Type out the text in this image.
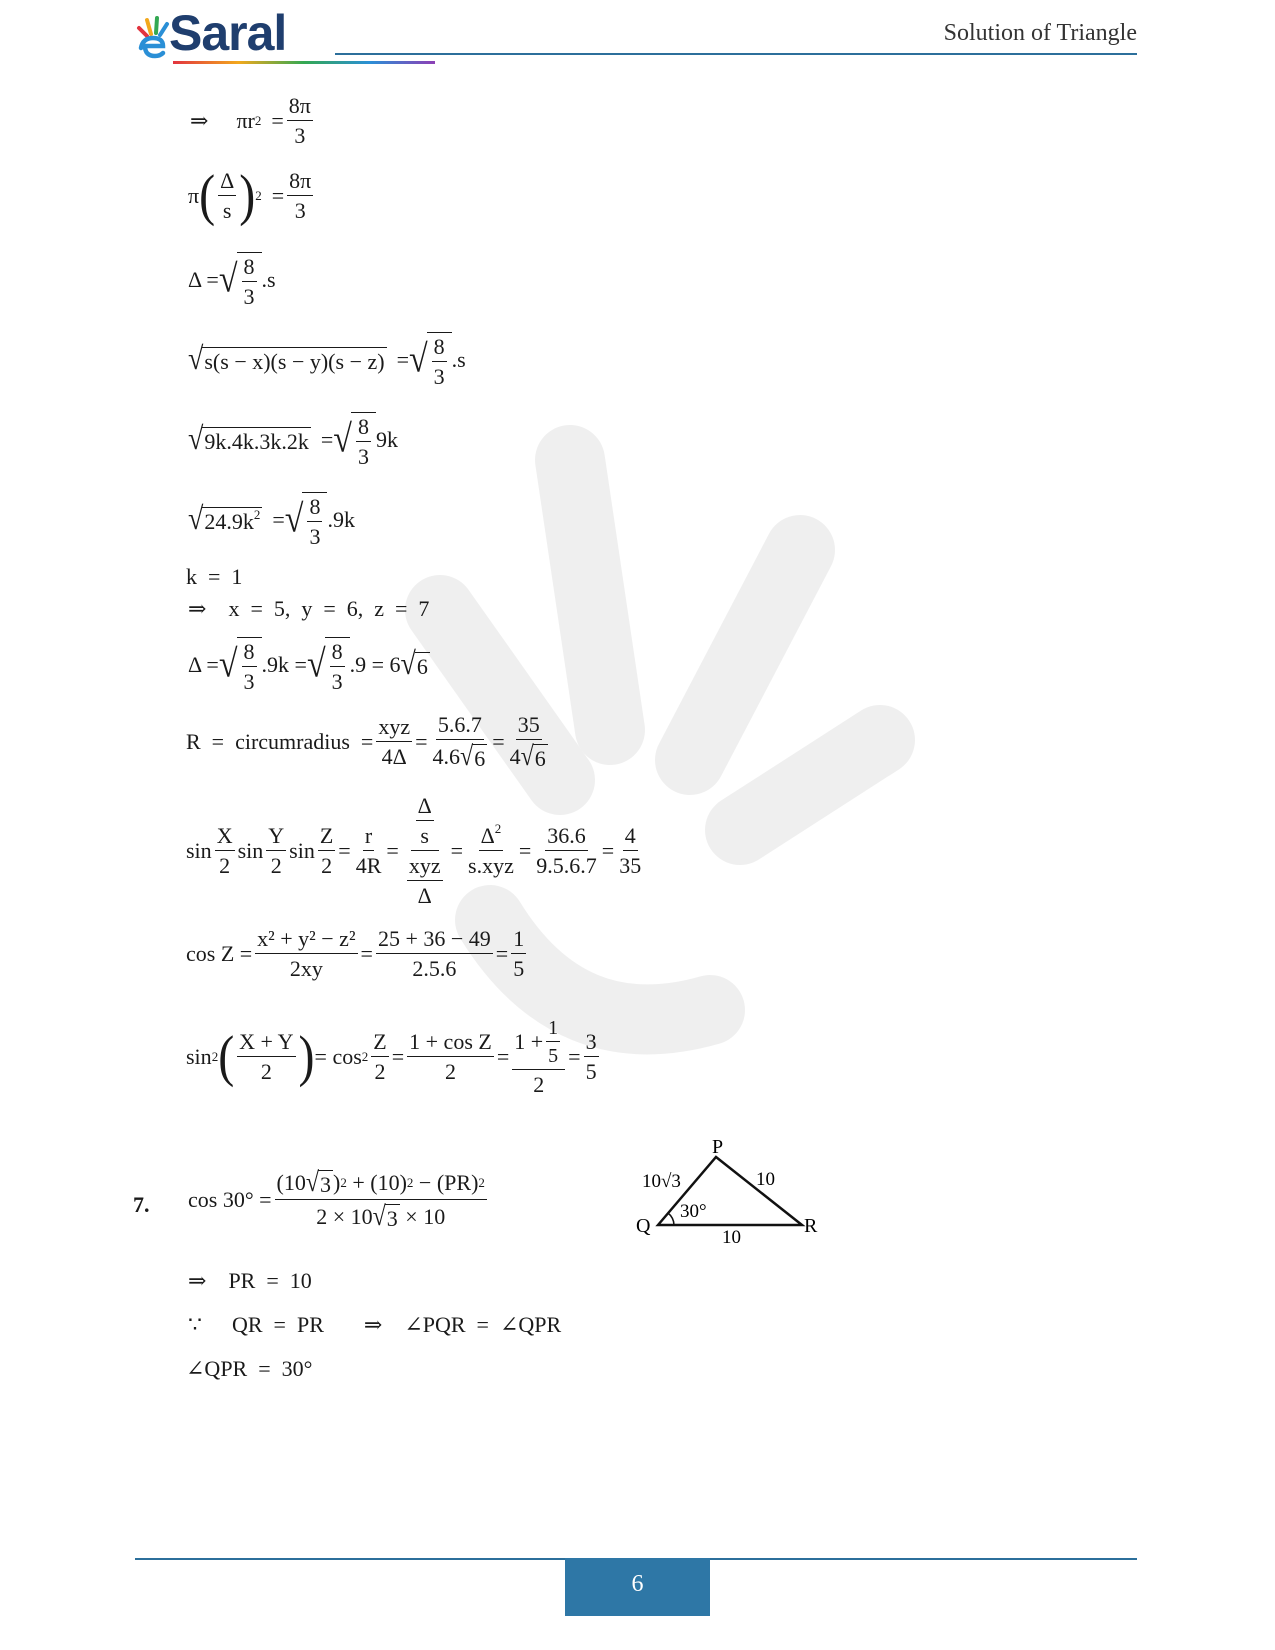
Saral	Solution of Triangle
⇒ πr $2 = \frac{8\pi}{3}$
π ( $\frac{\Delta}{s}$ ) $2 = \frac{8\pi}{3}$
Δ = √ $\frac{8}{3} .s$
√ s(s − x)(s − y)(s − z) = √ $\frac{8}{3} .s$
√ 9k.4k.3k.2k = √ $\frac{8}{3} 9k$
√ $24.9k^2$ = √ $\frac{8}{3} .9k$
k  =  1
⇒ x  =  5,  y  =  6,  z  =  7
Δ = √ $\frac{8}{3} .9k$ = √ $\frac{8}{3} .9 = 6$ √ 6
R  =  circumradius  = $\frac{\text{xyz}}{4\Delta} = \frac{5.6.7}{4.6 √ 6} = \frac{35}{4 √ 6}$
$\sin \frac{X}{2}$ $\sin \frac{Y}{2}$ $\sin \frac{Z}{2} = \frac{r}{4R} = \frac{\frac{\Delta}{s}}{\frac{\text{xyz}}{\Delta}} = \frac{\Delta^2}{\text{s.xyz}} = \frac{36.6}{9.5.6.7} = \frac{4}{35}$
$\cos Z = \frac{\text{x² + y² − z²}}{2xy} = \frac{25 + 36 - 49}{2.5.6} = \frac{1}{5}$
sin 2 ( $\frac{X + Y}{2}$ ) = $\cos 2 \frac{Z}{2} = \frac{\text{1 + cos Z}}{2} = \frac{1 + \frac{1}{5}}{2} = \frac{3}{5}$
7. $\cos 30^\circ = \frac{(10 √ 3 ) 2 + (10) 2 - (PR) 2}{2 \times 10 √ 3 \times 10}$
P
Q	R
10√3	10
10
30°
⇒ PR  =  10
∵ QR  =  PR ⇒ ∠PQR  =  ∠QPR
∠QPR  =  30°
6
